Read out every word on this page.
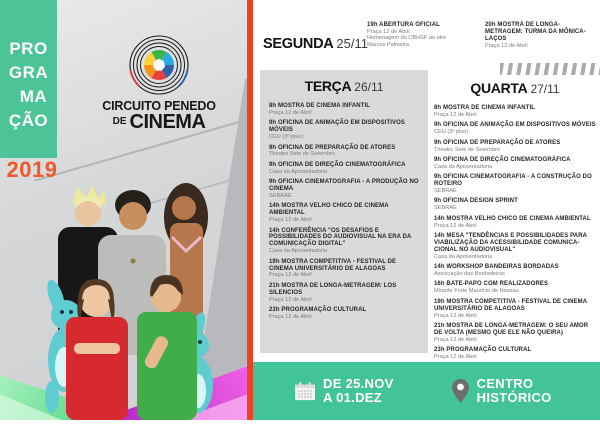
PRO
GRA
MA
ÇÃO
2019
CIRCUITO PENEDO
$^{DE}$ CINEMA
SEGUNDA 25/11
19h ABERTURA OFICIAL
Praça 12 de Abril
Homenagem do CBHSF ao ator
Marcos Palmeira
20h MOSTRA DE LONGA-METRAGEM: TURMA DA MÔNICA- LAÇOS
Praça 12 de Abril
TERÇA 26/11
8h MOSTRA DE CINEMA INFANTIL
Praça 12 de Abril
9h OFICINA DE ANIMAÇÃO EM DISPOSITIVOS MÓVEIS
CEU (3º piso)
9h OFICINA DE PREPARAÇÃO DE ATORES
Theatro Sete de Setembro
9h OFICINA DE DIREÇÃO CINEMATOGRÁFICA
Casa da Aposentadoria
9h OFICINA CINEMATOGRAFIA - A PRODUÇÃO NO CINEMA
SEBRAE
14h MOSTRA VELHO CHICO DE CINEMA AMBIENTAL
Praça 12 de Abril
14h CONFERÊNCIA "OS DESAFIOS E POSSIBILIDADES DO AUDIOVISUAL NA ERA DA COMUNICAÇÃO DIGITAL"
Casa da Aposentadoria
19h MOSTRA COMPETITIVA - FESTIVAL DE CINEMA UNIVERSITÁRIO DE ALAGOAS
Praça 12 de Abril
21h MOSTRA DE LONGA-METRAGEM: LOS SILENCIOS
Praça 12 de Abril
23h PROGRAMAÇÃO CULTURAL
Praça 12 de Abril
QUARTA 27/11
8h MOSTRA DE CINEMA INFANTIL
Praça 12 de Abril
9h OFICINA DE ANIMAÇÃO EM DISPOSITIVOS MÓVEIS
CEU (3º piso)
9h OFICINA DE PREPARAÇÃO DE ATORES
Theatro Sete de Setembro
9h OFICINA DE DIREÇÃO CINEMATOGRÁFICA
Casa da Aposentadoria
9h OFICINA CINEMATOGRAFIA - A CONSTRUÇÃO DO ROTEIRO
SEBRAE
9h OFICINA DESIGN SPRINT
SEBRAE
14h MOSTRA VELHO CHICO DE CINEMA AMBIENTAL
Praça 12 de Abril
14h MESA "TENDÊNCIAS E POSSIBILIDADES PARA VIABILIZAÇÃO DA ACESSIBILIDADE COMUNICA-CIONAL NO AUDIOVISUAL"
Casa da Aposentadoria
14h WORKSHOP BANDEIRAS BORDADAS
Associação das Bordadeiras
16h BATE-PAPO COM REALIZADORES
Mirante Forte Maurício de Nassau
19h MOSTRA COMPETITIVA - FESTIVAL DE CINEMA UNIVERSITÁRIO DE ALAGOAS
Praça 12 de Abril
21h MOSTRA DE LONGA-METRAGEM: O SEU AMOR DE VOLTA (MESMO QUE ELE NÃO QUEIRA)
Praça 12 de Abril
23h PROGRAMAÇÃO CULTURAL
Praça 12 de Abril
DE 25.NOV
A 01.DEZ
CENTRO
HISTÓRICO
